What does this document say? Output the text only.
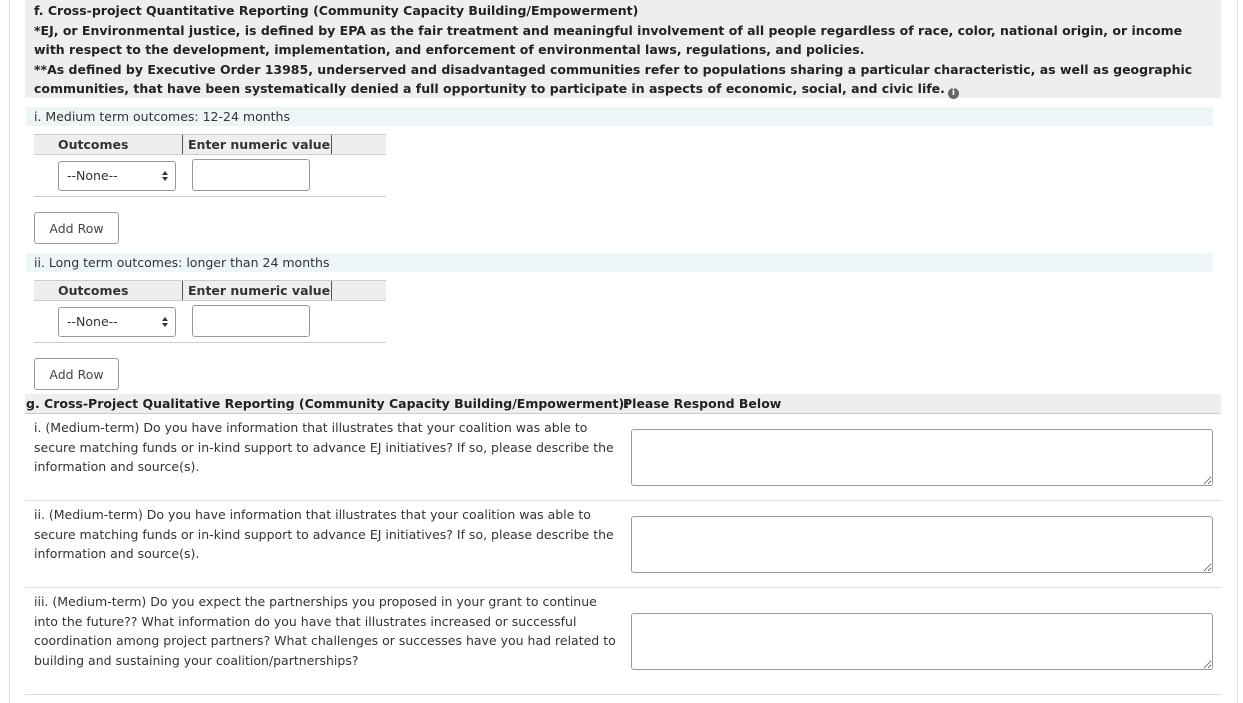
f. Cross-project Quantitative Reporting (Community Capacity Building/Empowerment)

*EJ, or Environmental justice, is defined by EPA as the fair treatment and meaningful involvement of all people regardless of race, color, national origin, or income with respect to the development, implementation, and enforcement of environmental laws, regulations, and policies.

**As defined by Executive Order 13985, underserved and disadvantaged communities refer to populations sharing a particular characteristic, as well as geographic communities, that have been systematically denied a full opportunity to participate in aspects of economic, social, and civic life. i

i. Medium term outcomes: 12-24 months
Outcomes	Enter numeric value
--None--
Add Row
ii. Long term outcomes: longer than 24 months
Outcomes	Enter numeric value
--None--
Add Row
g. Cross-Project Qualitative Reporting (Community Capacity Building/Empowerment):
Please Respond Below
i. (Medium-term) Do you have information that illustrates that your coalition was able to secure matching funds or in-kind support to advance EJ initiatives? If so, please describe the information and source(s).
ii. (Medium-term) Do you have information that illustrates that your coalition was able to secure matching funds or in-kind support to advance EJ initiatives? If so, please describe the information and source(s).
iii. (Medium-term) Do you expect the partnerships you proposed in your grant to continue into the future?? What information do you have that illustrates increased or successful coordination among project partners? What challenges or successes have you had related to building and sustaining your coalition/partnerships?
